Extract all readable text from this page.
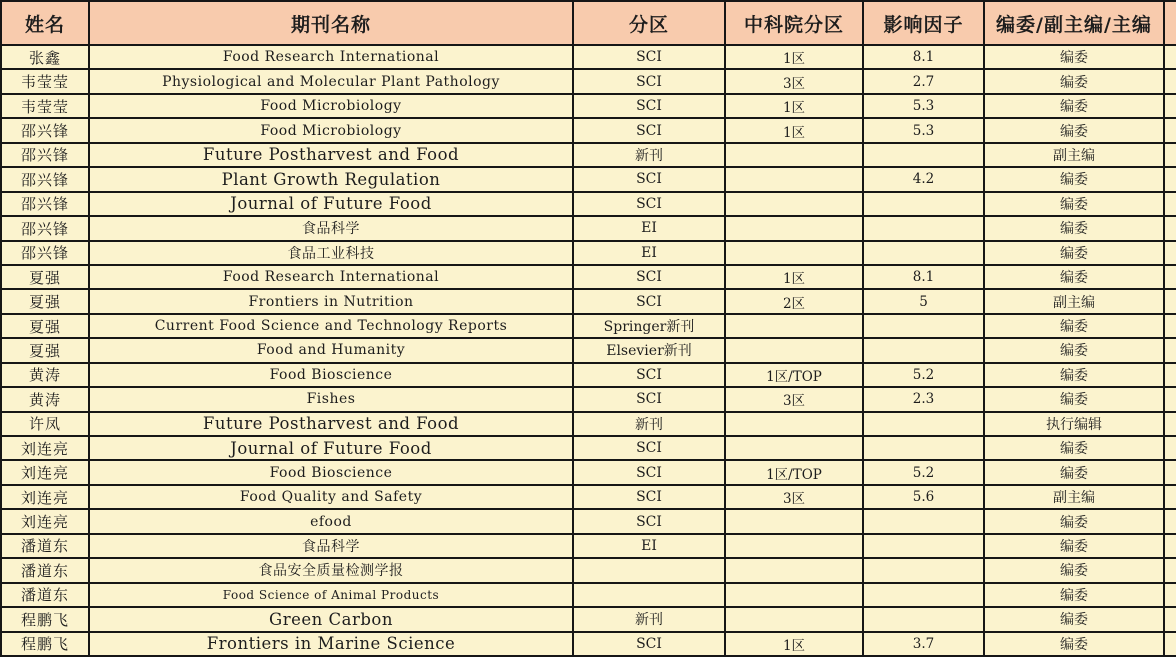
姓名	期刊名称	分区	中科院分区	影响因子	编委/副主编/主编	
张鑫	Food Research International	SCI	1区	8.1	编委	
韦莹莹	Physiological and Molecular Plant Pathology	SCI	3区	2.7	编委	
韦莹莹	Food Microbiology	SCI	1区	5.3	编委	
邵兴锋	Food Microbiology	SCI	1区	5.3	编委	
邵兴锋	Future Postharvest and Food	新刊			副主编	
邵兴锋	Plant Growth Regulation	SCI		4.2	编委	
邵兴锋	Journal of Future Food	SCI			编委	
邵兴锋	食品科学	EI			编委	
邵兴锋	食品工业科技	EI			编委	
夏强	Food Research International	SCI	1区	8.1	编委	
夏强	Frontiers in Nutrition	SCI	2区	5	副主编	
夏强	Current Food Science and Technology Reports	Springer新刊			编委	
夏强	Food and Humanity	Elsevier新刊			编委	
黄涛	Food Bioscience	SCI	1区/TOP	5.2	编委	
黄涛	Fishes	SCI	3区	2.3	编委	
许凤	Future Postharvest and Food	新刊			执行编辑	
刘连亮	Journal of Future Food	SCI			编委	
刘连亮	Food Bioscience	SCI	1区/TOP	5.2	编委	
刘连亮	Food Quality and Safety	SCI	3区	5.6	副主编	
刘连亮	efood	SCI			编委	
潘道东	食品科学	EI			编委	
潘道东	食品安全质量检测学报				编委	
潘道东	Food Science of Animal Products				编委	
程鹏飞	Green Carbon	新刊			编委	
程鹏飞	Frontiers in Marine Science	SCI	1区	3.7	编委	
